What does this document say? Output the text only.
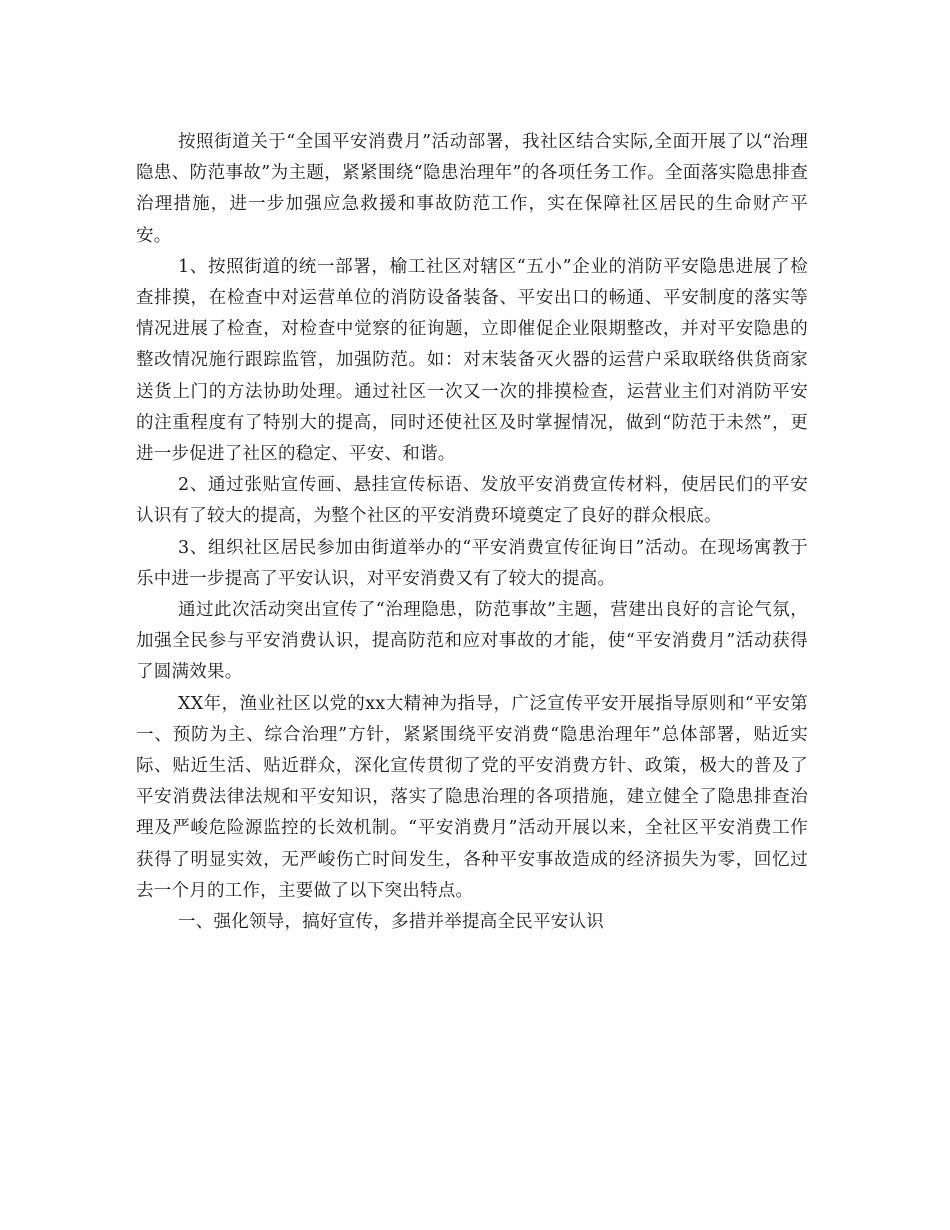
按照街道关于“全国平安消费月”活动部署，我社区结合实际,全面开展了以“治理隐患、防范事故”为主题，紧紧围绕“隐患治理年”的各项任务工作。全面落实隐患排查治理措施，进一步加强应急救援和事故防范工作，实在保障社区居民的生命财产平安。

1、按照街道的统一部署，榆工社区对辖区“五小”企业的消防平安隐患进展了检查排摸，在检查中对运营单位的消防设备装备、平安出口的畅通、平安制度的落实等情况进展了检查，对检查中觉察的征询题，立即催促企业限期整改，并对平安隐患的整改情况施行跟踪监管，加强防范。如：对末装备灭火器的运营户采取联络供货商家送货上门的方法协助处理。通过社区一次又一次的排摸检查，运营业主们对消防平安的注重程度有了特别大的提高，同时还使社区及时掌握情况，做到“防范于未然”，更进一步促进了社区的稳定、平安、和谐。

2、通过张贴宣传画、悬挂宣传标语、发放平安消费宣传材料，使居民们的平安认识有了较大的提高，为整个社区的平安消费环境奠定了良好的群众根底。

3、组织社区居民参加由街道举办的“平安消费宣传征询日”活动。在现场寓教于乐中进一步提高了平安认识，对平安消费又有了较大的提高。

通过此次活动突出宣传了“治理隐患，防范事故”主题，营建出良好的言论气氛，加强全民参与平安消费认识，提高防范和应对事故的才能，使“平安消费月”活动获得了圆满效果。

XX年，渔业社区以党的xx大精神为指导，广泛宣传平安开展指导原则和“平安第一、预防为主、综合治理”方针，紧紧围绕平安消费“隐患治理年”总体部署，贴近实际、贴近生活、贴近群众，深化宣传贯彻了党的平安消费方针、政策，极大的普及了平安消费法律法规和平安知识，落实了隐患治理的各项措施，建立健全了隐患排查治理及严峻危险源监控的长效机制。“平安消费月”活动开展以来，全社区平安消费工作获得了明显实效，无严峻伤亡时间发生，各种平安事故造成的经济损失为零，回忆过去一个月的工作，主要做了以下突出特点。

一、强化领导，搞好宣传，多措并举提高全民平安认识
